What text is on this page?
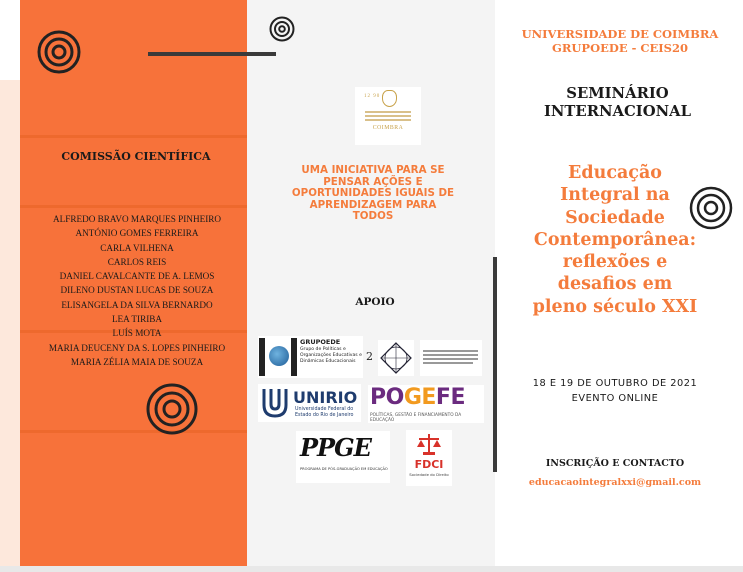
COMISSÃO CIENTÍFICA
ALFREDO BRAVO MARQUES PINHEIRO
ANTÓNIO GOMES FERREIRA
CARLA VILHENA
CARLOS REIS
DANIEL CAVALCANTE DE A. LEMOS
DILENO DUSTAN LUCAS DE SOUZA
ELISANGELA DA SILVA BERNARDO
LEA TIRIBA
LUÍS MOTA
MARIA DEUCENY DA S. LOPES PINHEIRO
MARIA ZÉLIA MAIA DE SOUZA
12 90
COIMBRA
UMA INICIATIVA PARA SE
PENSAR AÇÕES E
OPORTUNIDADES IGUAIS DE
APRENDIZAGEM PARA
TODOS
APOIO
GRUPOEDE
Grupo de Políticas e Organizações Educativas e Dinâmicas Educacionais 2
UNIRIO
Universidade Federal do Estado do Rio de Janeiro
POGEFE
POLÍTICAS, GESTÃO E FINANCIAMENTO DA EDUCAÇÃO
PPGE
PROGRAMA DE PÓS-GRADUAÇÃO EM EDUCAÇÃO	FDCI
Sociedade do Direito
UNIVERSIDADE DE COIMBRA
GRUPOEDE - CEIS20
SEMINÁRIO
INTERNACIONAL
Educação
Integral na
Sociedade
Contemporânea:
reflexões e
desafios em
pleno século XXI
18 E 19 DE OUTUBRO DE 2021
EVENTO ONLINE
INSCRIÇÃO E CONTACTO
educacaointegralxxi@gmail.com
